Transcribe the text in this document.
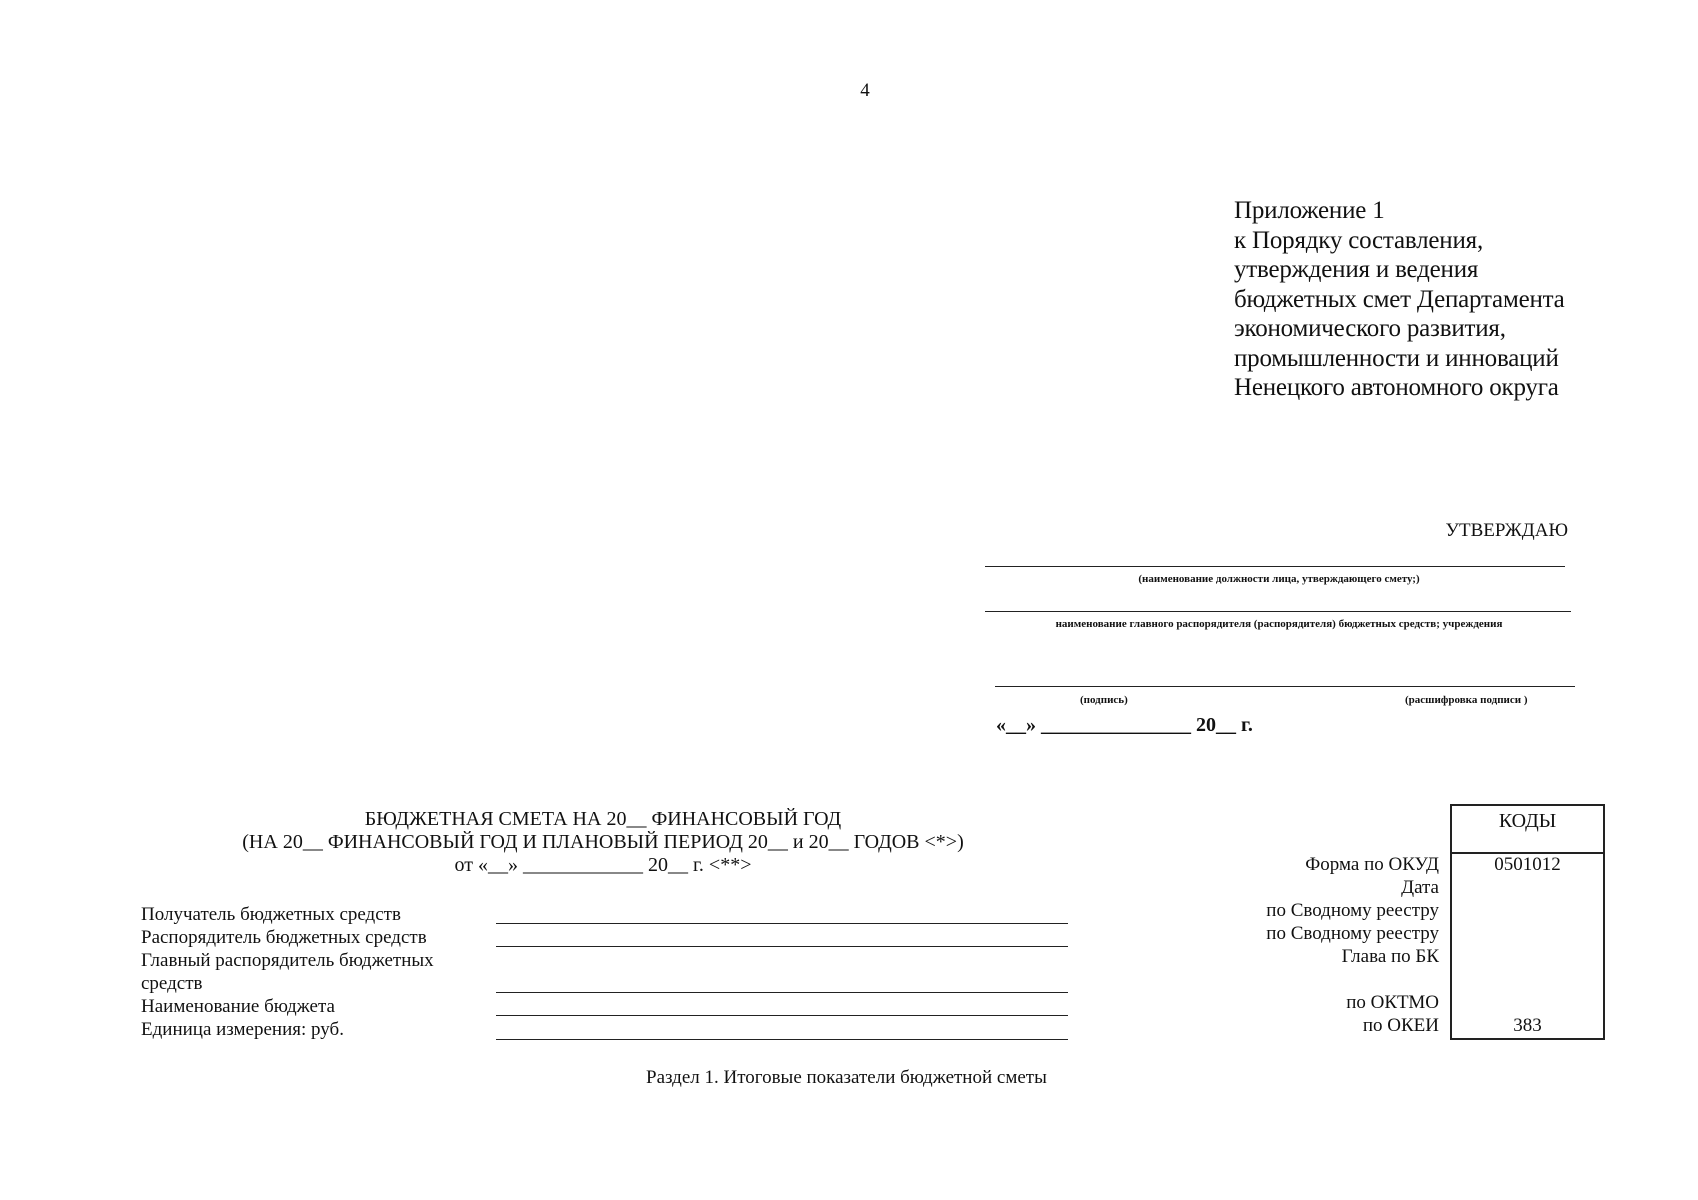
4
Приложение 1
к Порядку составления,
утверждения и ведения
бюджетных смет Департамента
экономического развития,
промышленности и инноваций
Ненецкого автономного округа
УТВЕРЖДАЮ
(наименование должности лица, утверждающего смету;)
наименование главного распорядителя (распорядителя) бюджетных средств; учреждения
(подпись)	(расшифровка подписи )
«__» _______________ 20__ г.
БЮДЖЕТНАЯ СМЕТА НА 20__ ФИНАНСОВЫЙ ГОД
(НА 20__ ФИНАНСОВЫЙ ГОД И ПЛАНОВЫЙ ПЕРИОД 20__ и 20__ ГОДОВ <*>)
от «__» ____________ 20__ г. <**>
Получатель бюджетных средств
Распорядитель бюджетных средств
Главный распорядитель бюджетных
средств
Наименование бюджета
Единица измерения: руб.
Форма по ОКУД
Дата
по Сводному реестру
по Сводному реестру
Глава по БК
по ОКТМО
по ОКЕИ
КОДЫ
0501012
383
Раздел 1. Итоговые показатели бюджетной сметы
